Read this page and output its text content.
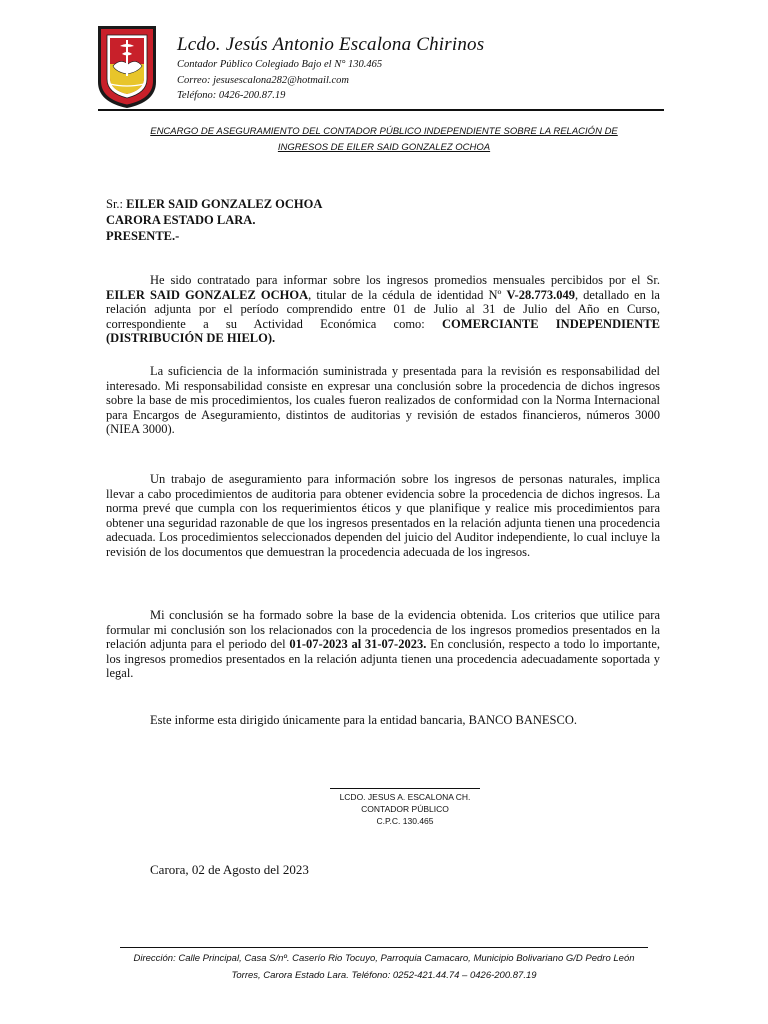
Lcdo. Jesús Antonio Escalona Chirinos
Contador Público Colegiado Bajo el N° 130.465
Correo: jesusescalona282@hotmail.com
Teléfono: 0426-200.87.19
ENCARGO DE ASEGURAMIENTO DEL CONTADOR PÚBLICO INDEPENDIENTE SOBRE LA RELACIÓN DE
INGRESOS DE EILER SAID GONZALEZ OCHOA
Sr.: EILER SAID GONZALEZ OCHOA
CARORA ESTADO LARA.
PRESENTE.-
He sido contratado para informar sobre los ingresos promedios mensuales percibidos por el Sr. EILER SAID GONZALEZ OCHOA, titular de la cédula de identidad Nº V-28.773.049, detallado en la relación adjunta por el período comprendido entre 01 de Julio al 31 de Julio del Año en Curso, correspondiente a su Actividad Económica como: COMERCIANTE INDEPENDIENTE (DISTRIBUCIÓN DE HIELO).
La suficiencia de la información suministrada y presentada para la revisión es responsabilidad del interesado. Mi responsabilidad consiste en expresar una conclusión sobre la procedencia de dichos ingresos sobre la base de mis procedimientos, los cuales fueron realizados de conformidad con la Norma Internacional para Encargos de Aseguramiento, distintos de auditorias y revisión de estados financieros, números 3000 (NIEA 3000).
Un trabajo de aseguramiento para información sobre los ingresos de personas naturales, implica llevar a cabo procedimientos de auditoria para obtener evidencia sobre la procedencia de dichos ingresos. La norma prevé que cumpla con los requerimientos éticos y que planifique y realice mis procedimientos para obtener una seguridad razonable de que los ingresos presentados en la relación adjunta tienen una procedencia adecuada. Los procedimientos seleccionados dependen del juicio del Auditor independiente, lo cual incluye la revisión de los documentos que demuestran la procedencia adecuada de los ingresos.
Mi conclusión se ha formado sobre la base de la evidencia obtenida. Los criterios que utilice para formular mi conclusión son los relacionados con la procedencia de los ingresos promedios presentados en la relación adjunta para el periodo del 01-07-2023 al 31-07-2023. En conclusión, respecto a todo lo importante, los ingresos promedios presentados en la relación adjunta tienen una procedencia adecuadamente soportada y legal.
Este informe esta dirigido únicamente para la entidad bancaria, BANCO BANESCO.
LCDO. JESUS A. ESCALONA CH.
CONTADOR PÚBLICO
C.P.C. 130.465
Carora, 02 de Agosto del 2023
Dirección: Calle Principal, Casa S/nº. Caserío Rio Tocuyo, Parroquia Camacaro, Municipio Bolivariano G/D Pedro León
Torres, Carora Estado Lara. Teléfono: 0252-421.44.74 – 0426-200.87.19
